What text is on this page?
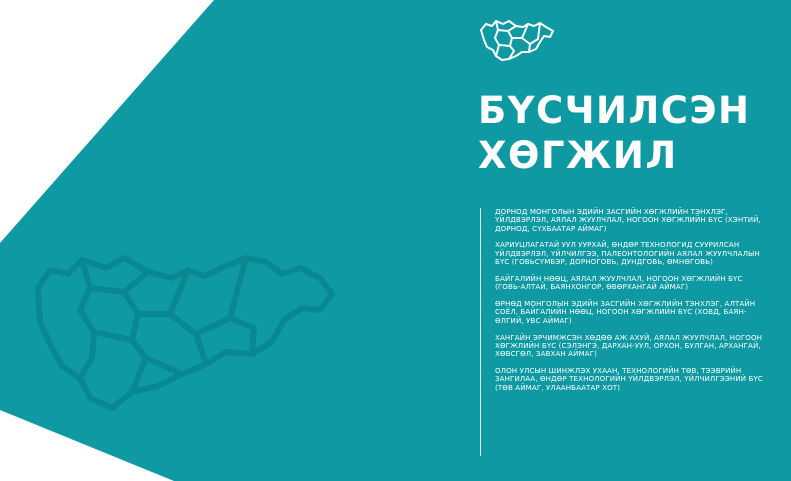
БҮСЧИЛСЭН
ХӨГЖИЛ
ДОРНОД МОНГОЛЫН ЭДИЙН ЗАСГИЙН ХӨГЖЛИЙН ТЭНХЛЭГ, ҮЙЛДВЭРЛЭЛ, АЯЛАЛ ЖУУЛЧЛАЛ, НОГООН ХӨГЖЛИЙН БҮС (ХЭНТИЙ, ДОРНОД, СҮХБААТАР АЙМАГ)
ХАРИУЦЛАГАТАЙ УУЛ УУРХАЙ, ӨНДӨР ТЕХНОЛОГИД СУУРИЛСАН ҮЙЛДВЭРЛЭЛ, ҮЙЛЧИЛГЭЭ, ПАЛЕОНТОЛОГИЙН АЯЛАЛ ЖУУЛЧЛАЛЫН БҮС (ГОВЬСҮМБЭР, ДОРНОГОВЬ, ДУНДГОВЬ, ӨМНӨГОВЬ)
БАЙГАЛИЙН НӨӨЦ, АЯЛАЛ ЖУУЛЧЛАЛ, НОГООН ХӨГЖЛИЙН БҮС (ГОВЬ-АЛТАЙ, БАЯНХОНГОР, ӨВӨРХАНГАЙ АЙМАГ)
ӨРНӨД МОНГОЛЫН ЭДИЙН ЗАСГИЙН ХӨГЖЛИЙН ТЭНХЛЭГ, АЛТАЙН СОЁЛ, БАЙГАЛИЙН НӨӨЦ, НОГООН ХӨГЖЛИЙН БҮС (ХОВД, БАЯН-ӨЛГИЙ, УВС АЙМАГ)
ХАНГАЙН ЭРЧИМЖСЭН ХӨДӨӨ АЖ АХУЙ, АЯЛАЛ ЖУУЛЧЛАЛ, НОГООН ХӨГЖЛИЙН БҮС (СЭЛЭНГЭ, ДАРХАН-УУЛ, ОРХОН, БУЛГАН, АРХАНГАЙ, ХӨВСГӨЛ, ЗАВХАН АЙМАГ)
ОЛОН УЛСЫН ШИНЖЛЭХ УХААН, ТЕХНОЛОГИЙН ТӨВ, ТЭЭВРИЙН ЗАНГИЛАА, ӨНДӨР ТЕХНОЛОГИЙН ҮЙЛДВЭРЛЭЛ, ҮЙЛЧИЛГЭЭНИЙ БҮС (ТӨВ АЙМАГ, УЛААНБААТАР ХОТ)
